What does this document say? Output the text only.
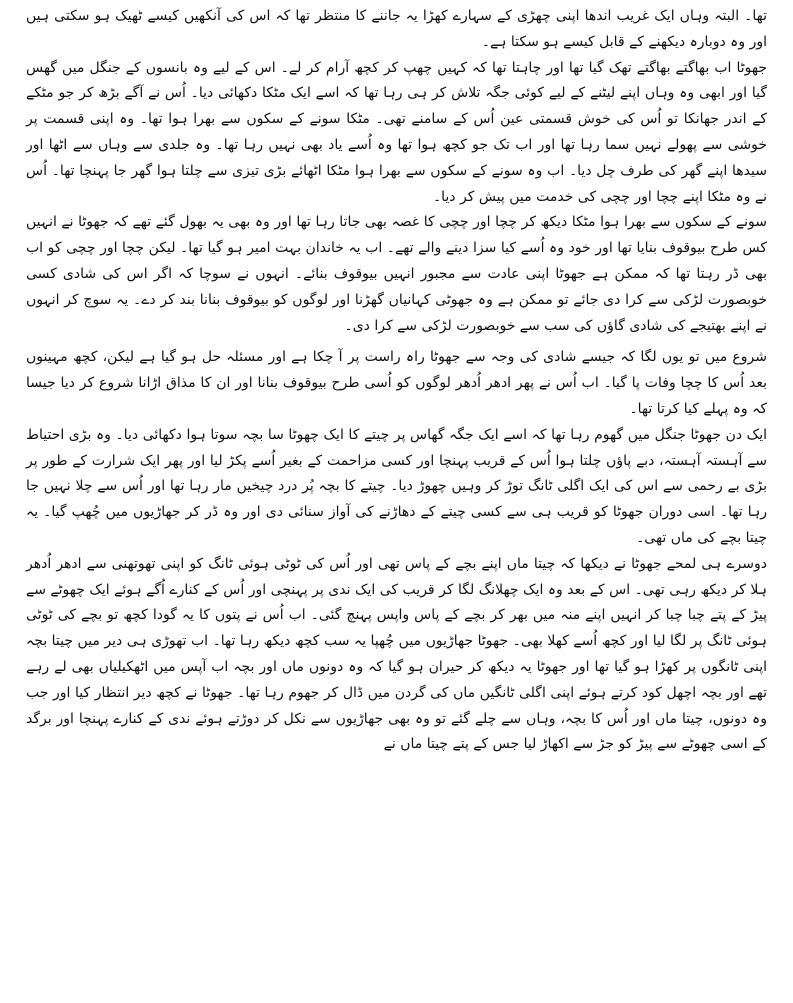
تھا۔ البتہ وہاں ایک غریب اندھا اپنی چھڑی کے سہارے کھڑا یہ جاننے کا منتظر تھا کہ اس کی آنکھیں کیسے ٹھیک ہو سکتی ہیں اور وہ دوبارہ دیکھنے کے قابل کیسے ہو سکتا ہے۔

جھوٹا اب بھاگتے بھاگتے تھک گیا تھا اور چاہتا تھا کہ کہیں چھپ کر کچھ آرام کر لے۔ اس کے لیے وہ بانسوں کے جنگل میں گھس گیا اور ابھی وہ وہاں اپنے لیٹنے کے لیے کوئی جگہ تلاش کر ہی رہا تھا کہ اسے ایک مٹکا دکھائی دیا۔ اُس نے آگے بڑھ کر جو مٹکے کے اندر جھانکا تو اُس کی خوش قسمتی عین اُس کے سامنے تھی۔ مٹکا سونے کے سکوں سے بھرا ہوا تھا۔ وہ اپنی قسمت پر خوشی سے پھولے نہیں سما رہا تھا اور اب تک جو کچھ ہوا تھا وہ اُسے یاد بھی نہیں رہا تھا۔ وہ جلدی سے وہاں سے اٹھا اور سیدھا اپنے گھر کی طرف چل دیا۔ اب وہ سونے کے سکوں سے بھرا ہوا مٹکا اٹھائے بڑی تیزی سے چلتا ہوا گھر جا پہنچا تھا۔ اُس نے وہ مٹکا اپنے چچا اور چچی کی خدمت میں پیش کر دیا۔

سونے کے سکوں سے بھرا ہوا مٹکا دیکھ کر چچا اور چچی کا غصہ بھی جاتا رہا تھا اور وہ بھی یہ بھول گئے تھے کہ جھوٹا نے انہیں کس طرح بیوقوف بنایا تھا اور خود وہ اُسے کیا سزا دینے والے تھے۔ اب یہ خاندان بہت امیر ہو گیا تھا۔ لیکن چچا اور چچی کو اب بھی ڈر رہتا تھا کہ ممکن ہے جھوٹا اپنی عادت سے مجبور انہیں بیوقوف بنائے۔ انہوں نے سوچا کہ اگر اس کی شادی کسی خوبصورت لڑکی سے کرا دی جائے تو ممکن ہے وہ جھوٹی کہانیاں گھڑنا اور لوگوں کو بیوقوف بنانا بند کر دے۔ یہ سوچ کر انہوں نے اپنے بھتیجے کی شادی گاؤں کی سب سے خوبصورت لڑکی سے کرا دی۔

شروع میں تو یوں لگا کہ جیسے شادی کی وجہ سے جھوٹا راہ راست پر آ چکا ہے اور مسئلہ حل ہو گیا ہے لیکن، کچھ مہینوں بعد اُس کا چچا وفات پا گیا۔ اب اُس نے پھر ادھر اُدھر لوگوں کو اُسی طرح بیوقوف بنانا اور ان کا مذاق اڑانا شروع کر دیا جیسا کہ وہ پہلے کیا کرتا تھا۔

ایک دن جھوٹا جنگل میں گھوم رہا تھا کہ اسے ایک جگہ گھاس پر چیتے کا ایک چھوٹا سا بچہ سوتا ہوا دکھائی دیا۔ وہ بڑی احتیاط سے آہستہ آہستہ، دبے پاؤں چلتا ہوا اُس کے قریب پہنچا اور کسی مزاحمت کے بغیر اُسے پکڑ لیا اور پھر ایک شرارت کے طور پر بڑی بے رحمی سے اس کی ایک اگلی ٹانگ توڑ کر وہیں چھوڑ دیا۔ چیتے کا بچہ پُر درد چیخیں مار رہا تھا اور اُس سے چلا نہیں جا رہا تھا۔ اسی دوران جھوٹا کو قریب ہی سے کسی چیتے کے دھاڑنے کی آواز سنائی دی اور وہ ڈر کر جھاڑیوں میں چُھپ گیا۔ یہ چیتا بچے کی ماں تھی۔

دوسرے ہی لمحے جھوٹا نے دیکھا کہ چیتا ماں اپنے بچے کے پاس تھی اور اُس کی ٹوٹی ہوئی ٹانگ کو اپنی تھوتھنی سے ادھر اُدھر ہلا کر دیکھ رہی تھی۔ اس کے بعد وہ ایک چھلانگ لگا کر قریب کی ایک ندی پر پہنچی اور اُس کے کنارے اُگے ہوئے ایک چھوٹے سے پیڑ کے پتے چبا چبا کر انہیں اپنے منہ میں بھر کر بچے کے پاس واپس پہنچ گئی۔ اب اُس نے پتوں کا یہ گودا کچھ تو بچے کی ٹوٹی ہوئی ٹانگ پر لگا لیا اور کچھ اُسے کھلا بھی۔ جھوٹا جھاڑیوں میں چُھپا یہ سب کچھ دیکھ رہا تھا۔ اب تھوڑی ہی دیر میں چیتا بچہ اپنی ٹانگوں پر کھڑا ہو گیا تھا اور جھوٹا یہ دیکھ کر حیران ہو گیا کہ وہ دونوں ماں اور بچہ اب آپس میں اٹھکیلیاں بھی لے رہے تھے اور بچہ اچھل کود کرتے ہوئے اپنی اگلی ٹانگیں ماں کی گردن میں ڈال کر جھوم رہا تھا۔ جھوٹا نے کچھ دیر انتظار کیا اور جب وہ دونوں، چیتا ماں اور اُس کا بچہ، وہاں سے چلے گئے تو وہ بھی جھاڑیوں سے نکل کر دوڑتے ہوئے ندی کے کنارے پہنچا اور برگد کے اسی چھوٹے سے پیڑ کو جڑ سے اکھاڑ لیا جس کے پتے چیتا ماں نے
